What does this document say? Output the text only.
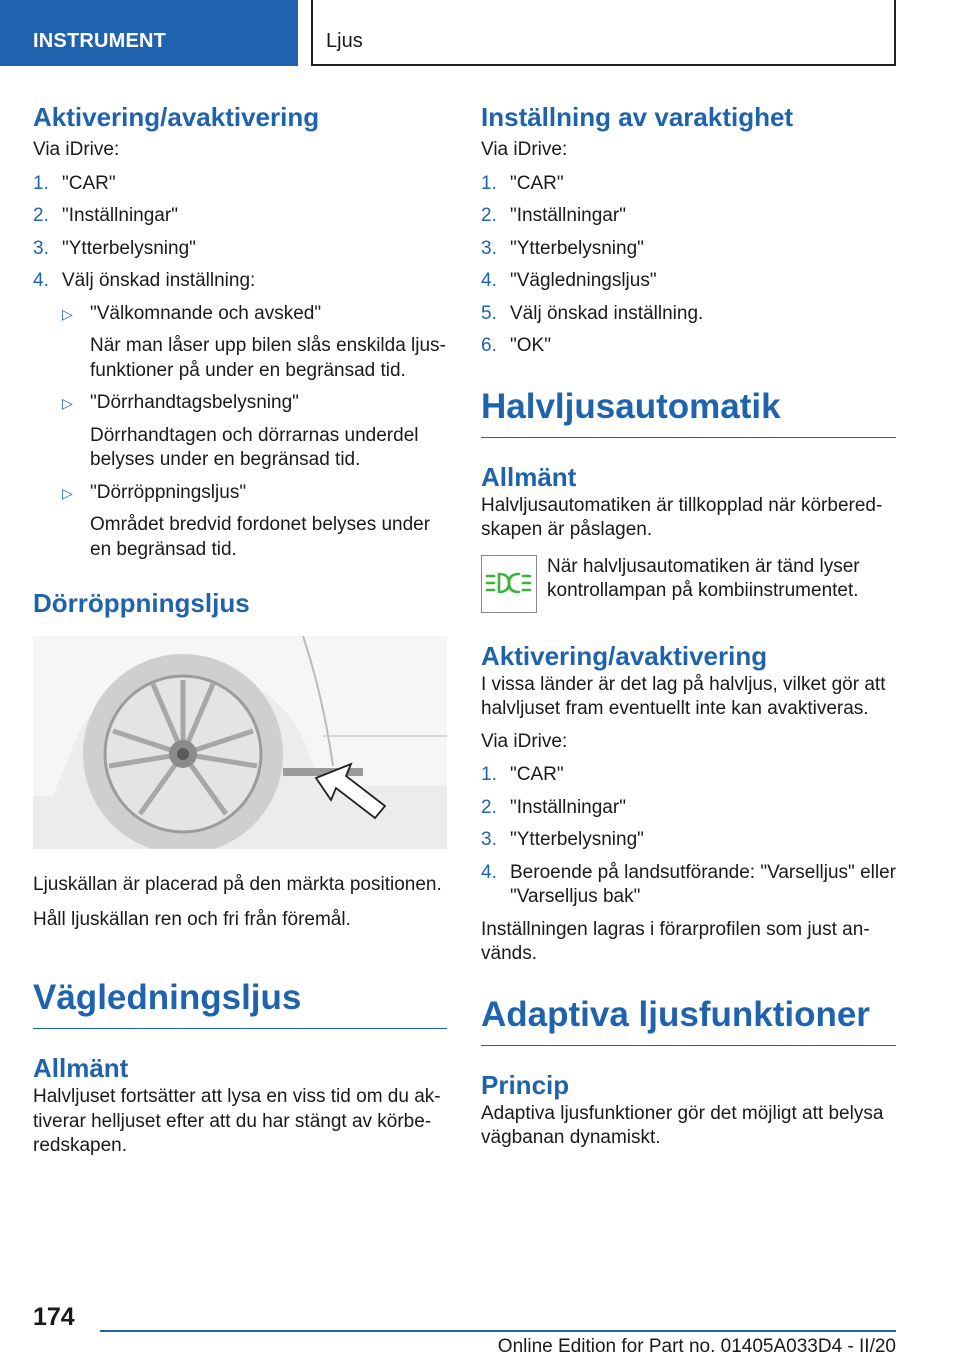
INSTRUMENT	Ljus
Aktivering/avaktivering
Via iDrive:
1. "CAR"
2. "Inställningar"
3. "Ytterbelysning"
4. Välj önskad inställning:
▷ "Välkomnande och avsked"
När man låser upp bilen slås enskilda ljusfunktioner på under en begränsad tid.
▷ "Dörrhandtagsbelysning"
Dörrhandtagen och dörrarnas underdel belyses under en begränsad tid.
▷ "Dörröppningsljus"
Området bredvid fordonet belyses under en begränsad tid.
Dörröppningsljus
Ljuskällan är placerad på den märkta positionen.
Håll ljuskällan ren och fri från föremål.
Vägledningsljus
Allmänt
Halvljuset fortsätter att lysa en viss tid om du aktiverar helljuset efter att du har stängt av körberedskapen.
Inställning av varaktighet
Via iDrive:
1. "CAR"
2. "Inställningar"
3. "Ytterbelysning"
4. "Vägledningsljus"
5. Välj önskad inställning.
6. "OK"
Halvljusautomatik
Allmänt
Halvljusautomatiken är tillkopplad när körberedskapen är påslagen.
När halvljusautomatiken är tänd lyser kontrollampan på kombiinstrumentet.
Aktivering/avaktivering
I vissa länder är det lag på halvljus, vilket gör att halvljuset fram eventuellt inte kan avaktiveras.
Via iDrive:
1. "CAR"
2. "Inställningar"
3. "Ytterbelysning"
4. Beroende på landsutförande: "Varselljus" eller "Varselljus bak"
Inställningen lagras i förarprofilen som just används.
Adaptiva ljusfunktioner
Princip
Adaptiva ljusfunktioner gör det möjligt att belysa vägbanan dynamiskt.
174
Online Edition for Part no. 01405A033D4 - II/20
